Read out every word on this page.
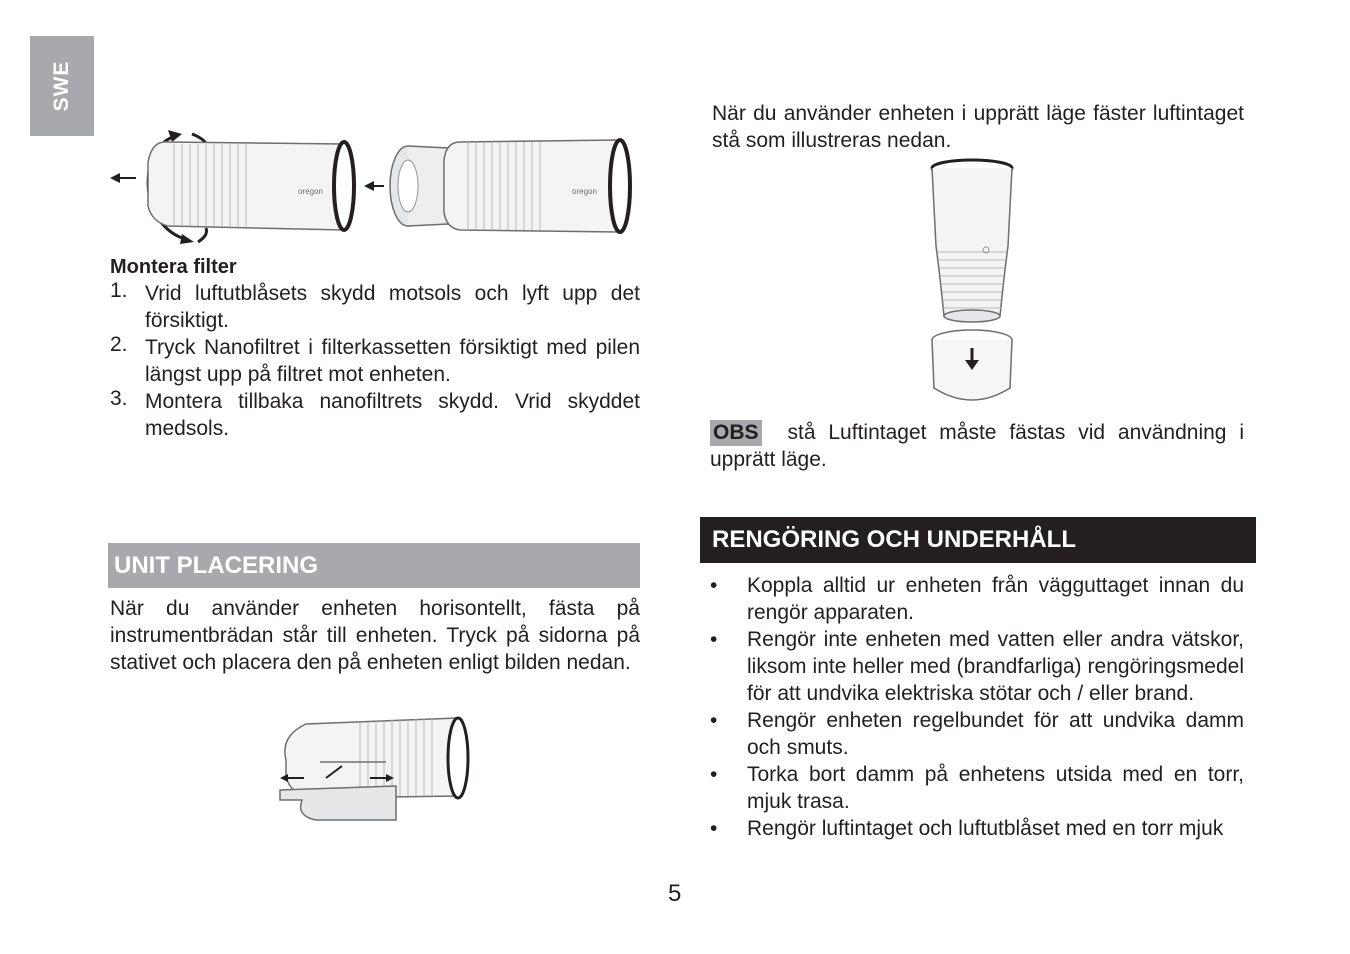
SWE
oregon	oregon
Montera filter
1. Vrid luftutblåsets skydd motsols och lyft upp det försiktigt.
2. Tryck Nanofiltret i filterkassetten försiktigt med pilen längst upp på filtret mot enheten.
3. Montera tillbaka nanofiltrets skydd. Vrid skyddet medsols.
UNIT PLACERING
När du använder enheten horisontellt, fästa på instrumentbrädan står till enheten. Tryck på sidorna på stativet och placera den på enheten enligt bilden nedan.
När du använder enheten i upprätt läge fäster luftintaget stå som illustreras nedan.
OBS stå Luftintaget måste fästas vid användning i upprätt läge.
RENGÖRING OCH UNDERHÅLL
• Koppla alltid ur enheten från vägguttaget innan du rengör apparaten.
• Rengör inte enheten med vatten eller andra vätskor, liksom inte heller med (brandfarliga) rengöringsmedel för att undvika elektriska stötar och / eller brand.
• Rengör enheten regelbundet för att undvika damm och smuts.
• Torka bort damm på enhetens utsida med en torr, mjuk trasa.
• Rengör luftintaget och luftutblåset med en torr mjuk
5
